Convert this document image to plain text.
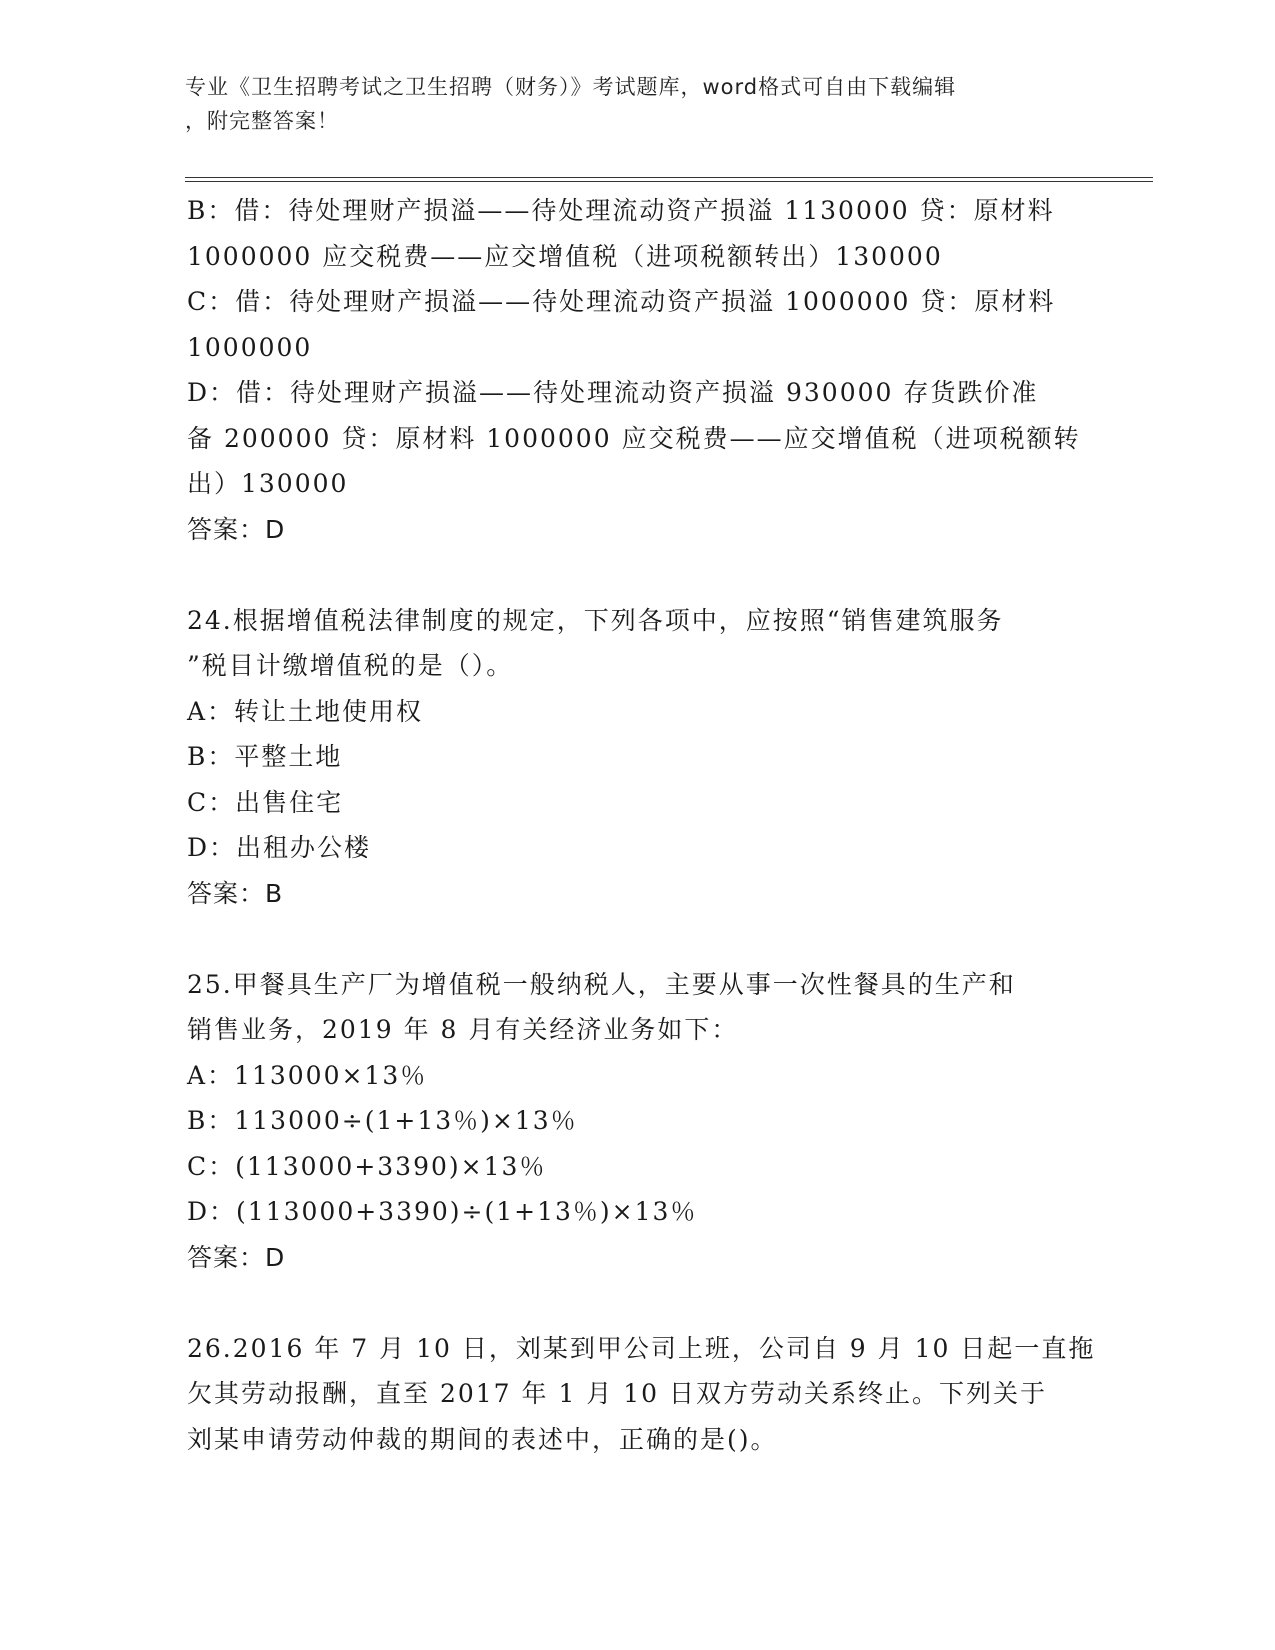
专业《卫生招聘考试之卫生招聘（财务）》考试题库，word格式可自由下载编辑
，附完整答案！
B：借：待处理财产损溢——待处理流动资产损溢 1130000 贷：原材料
1000000 应交税费——应交增值税（进项税额转出）130000
C：借：待处理财产损溢——待处理流动资产损溢 1000000 贷：原材料
1000000
D：借：待处理财产损溢——待处理流动资产损溢 930000 存货跌价准
备 200000 贷：原材料 1000000 应交税费——应交增值税（进项税额转
出）130000
答案：D
24.根据增值税法律制度的规定，下列各项中，应按照“销售建筑服务
”税目计缴增值税的是（）。
A：转让土地使用权
B：平整土地
C：出售住宅
D：出租办公楼
答案：B
25.甲餐具生产厂为增值税一般纳税人，主要从事一次性餐具的生产和
销售业务，2019 年 8 月有关经济业务如下：
A：113000×13％
B：113000÷(1+13％)×13％
C：(113000+3390)×13％
D：(113000+3390)÷(1+13％)×13％
答案：D
26.2016 年 7 月 10 日，刘某到甲公司上班，公司自 9 月 10 日起一直拖
欠其劳动报酬，直至 2017 年 1 月 10 日双方劳动关系终止。下列关于
刘某申请劳动仲裁的期间的表述中，正确的是()。
